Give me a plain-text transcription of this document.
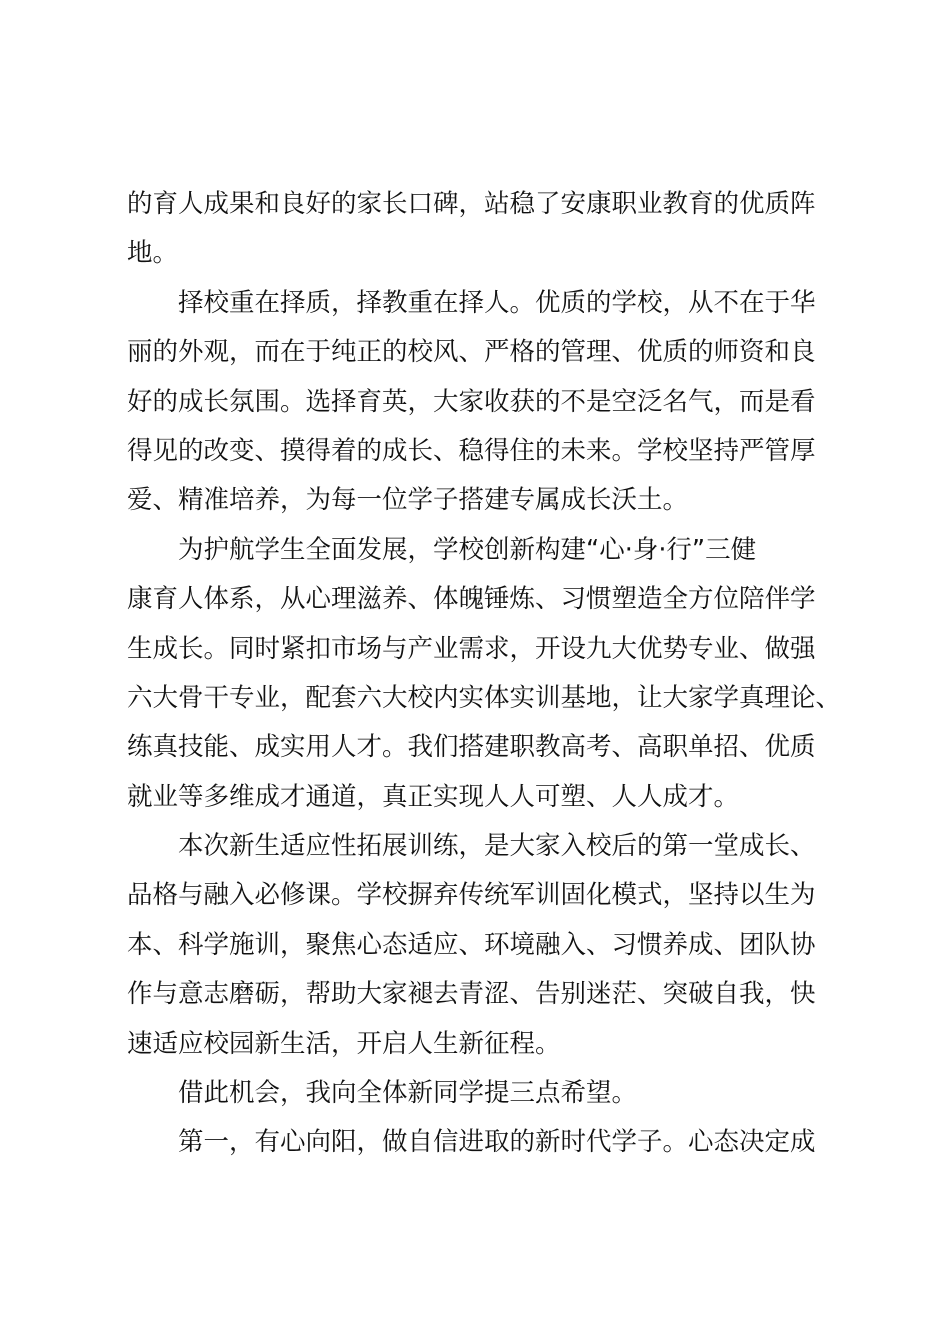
的育人成果和良好的家长口碑，站稳了安康职业教育的优质阵
地。
择校重在择质，择教重在择人。优质的学校，从不在于华
丽的外观，而在于纯正的校风、严格的管理、优质的师资和良
好的成长氛围。选择育英，大家收获的不是空泛名气，而是看
得见的改变、摸得着的成长、稳得住的未来。学校坚持严管厚
爱、精准培养，为每一位学子搭建专属成长沃土。
为护航学生全面发展，学校创新构建“心·身·行”三健
康育人体系，从心理滋养、体魄锤炼、习惯塑造全方位陪伴学
生成长。同时紧扣市场与产业需求，开设九大优势专业、做强
六大骨干专业，配套六大校内实体实训基地，让大家学真理论、
练真技能、成实用人才。我们搭建职教高考、高职单招、优质
就业等多维成才通道，真正实现人人可塑、人人成才。
本次新生适应性拓展训练，是大家入校后的第一堂成长、
品格与融入必修课。学校摒弃传统军训固化模式，坚持以生为
本、科学施训，聚焦心态适应、环境融入、习惯养成、团队协
作与意志磨砺，帮助大家褪去青涩、告别迷茫、突破自我，快
速适应校园新生活，开启人生新征程。
借此机会，我向全体新同学提三点希望。
第一，有心向阳，做自信进取的新时代学子。心态决定成
